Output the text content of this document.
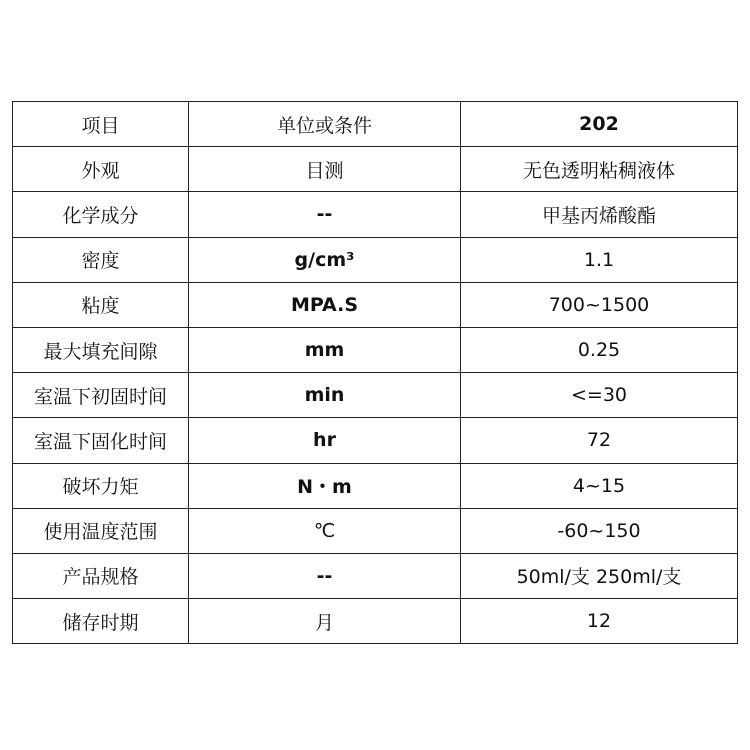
项目	单位或条件	202
外观	目测	无色透明粘稠液体
化学成分	--	甲基丙烯酸酯
密度	g/cm³	1.1
粘度	MPA.S	700~1500
最大填充间隙	mm	0.25
室温下初固时间	min	<=30
室温下固化时间	hr	72
破坏力矩	N・m	4~15
使用温度范围	℃	-60~150
产品规格	--	50ml/支 250ml/支
储存时期	月	12
